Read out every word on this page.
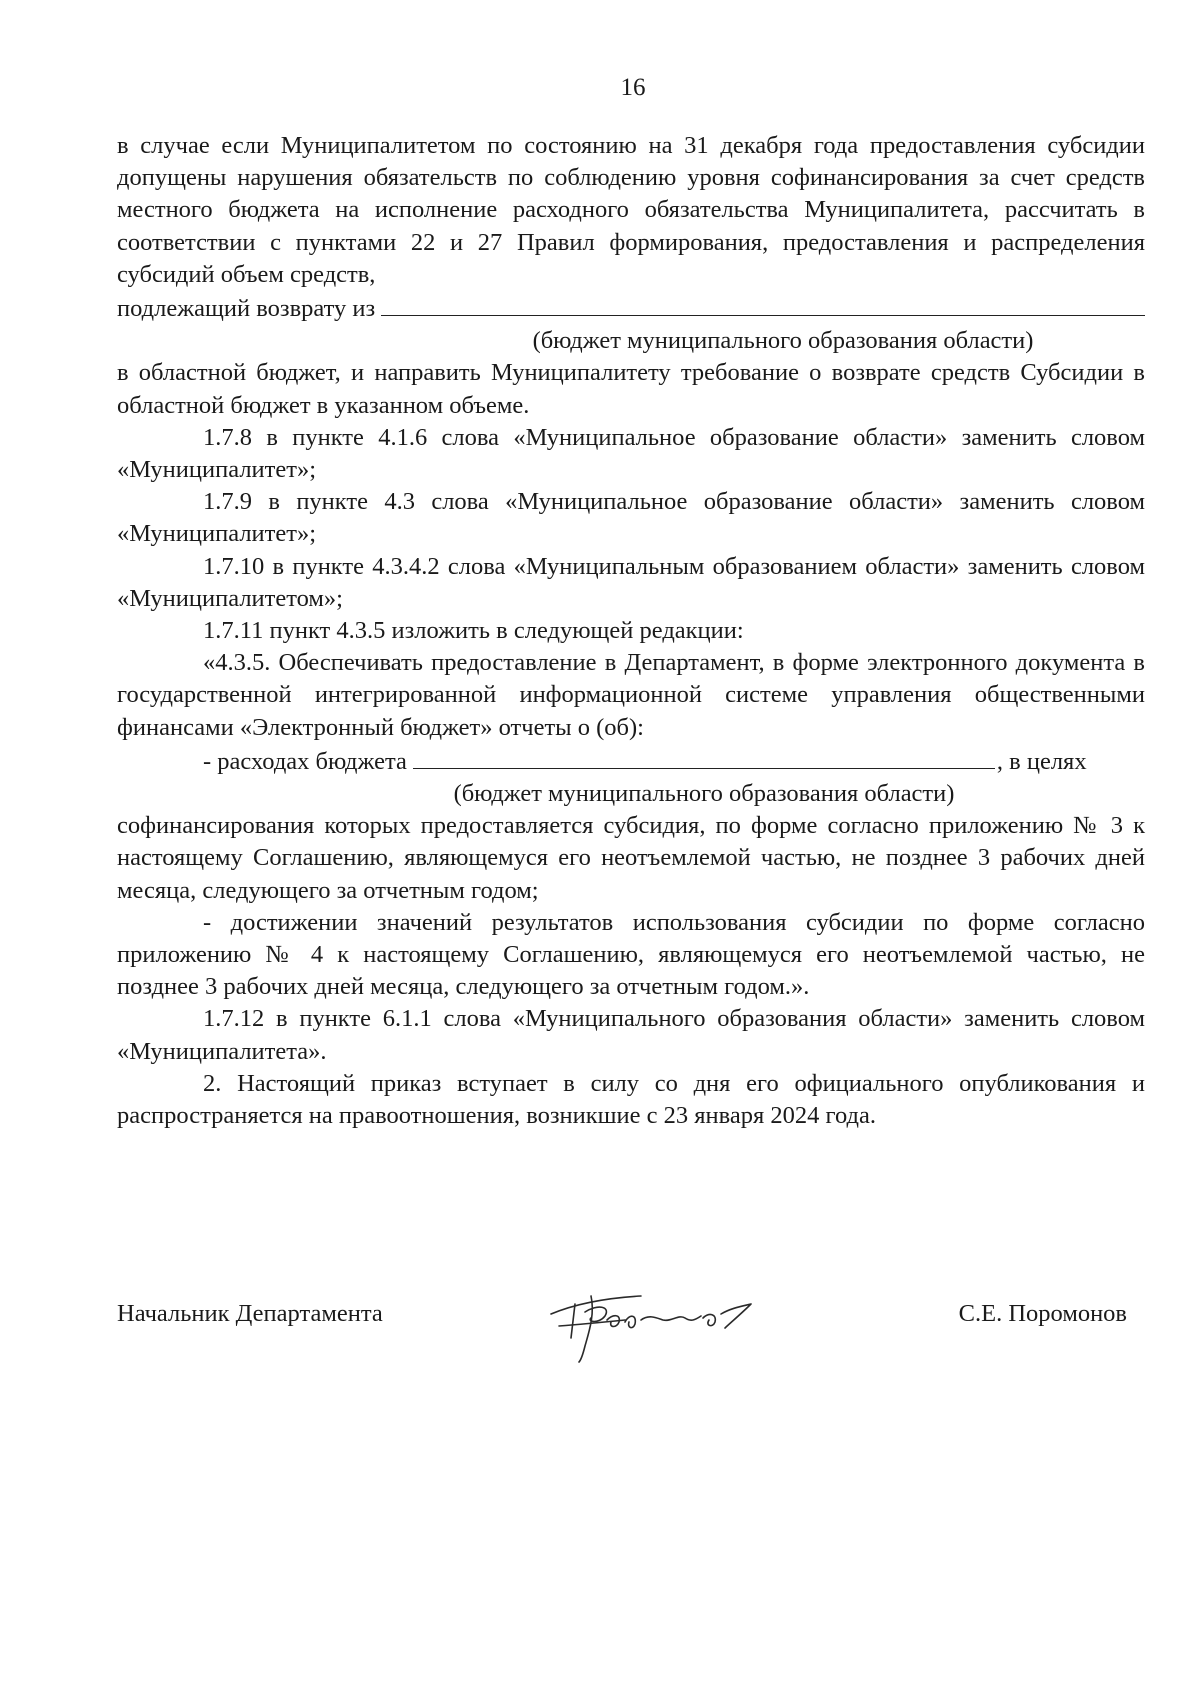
16

в случае если Муниципалитетом по состоянию на 31 декабря года предоставления субсидии допущены нарушения обязательств по соблюдению уровня софинансирования за счет средств местного бюджета на исполнение расходного обязательства Муниципалитета, рассчитать в соответствии с пунктами 22 и 27 Правил формирования, предоставления и распределения субсидий объем средств,

подлежащий возврату из

(бюджет муниципального образования области)

в областной бюджет, и направить Муниципалитету требование о возврате средств Субсидии в областной бюджет в указанном объеме.

1.7.8 в пункте 4.1.6 слова «Муниципальное образование области» заменить словом «Муниципалитет»;

1.7.9 в пункте 4.3 слова «Муниципальное образование области» заменить словом «Муниципалитет»;

1.7.10 в пункте 4.3.4.2 слова «Муниципальным образованием области» заменить словом «Муниципалитетом»;

1.7.11 пункт 4.3.5 изложить в следующей редакции:

«4.3.5. Обеспечивать предоставление в Департамент, в форме электронного документа в государственной интегрированной информационной системе управления общественными финансами «Электронный бюджет» отчеты о (об):

- расходах бюджета	, в целях

(бюджет муниципального образования области)

софинансирования которых предоставляется субсидия, по форме согласно приложению № 3 к настоящему Соглашению, являющемуся его неотъемлемой частью, не позднее 3 рабочих дней месяца, следующего за отчетным годом;

- достижении значений результатов использования субсидии по форме согласно приложению № 4 к настоящему Соглашению, являющемуся его неотъемлемой частью, не позднее 3 рабочих дней месяца, следующего за отчетным годом.».

1.7.12 в пункте 6.1.1 слова «Муниципального образования области» заменить словом «Муниципалитета».

2. Настоящий приказ вступает в силу со дня его официального опубликования и распространяется на правоотношения, возникшие с 23 января 2024 года.

Начальник Департамента	С.Е. Поромонов
